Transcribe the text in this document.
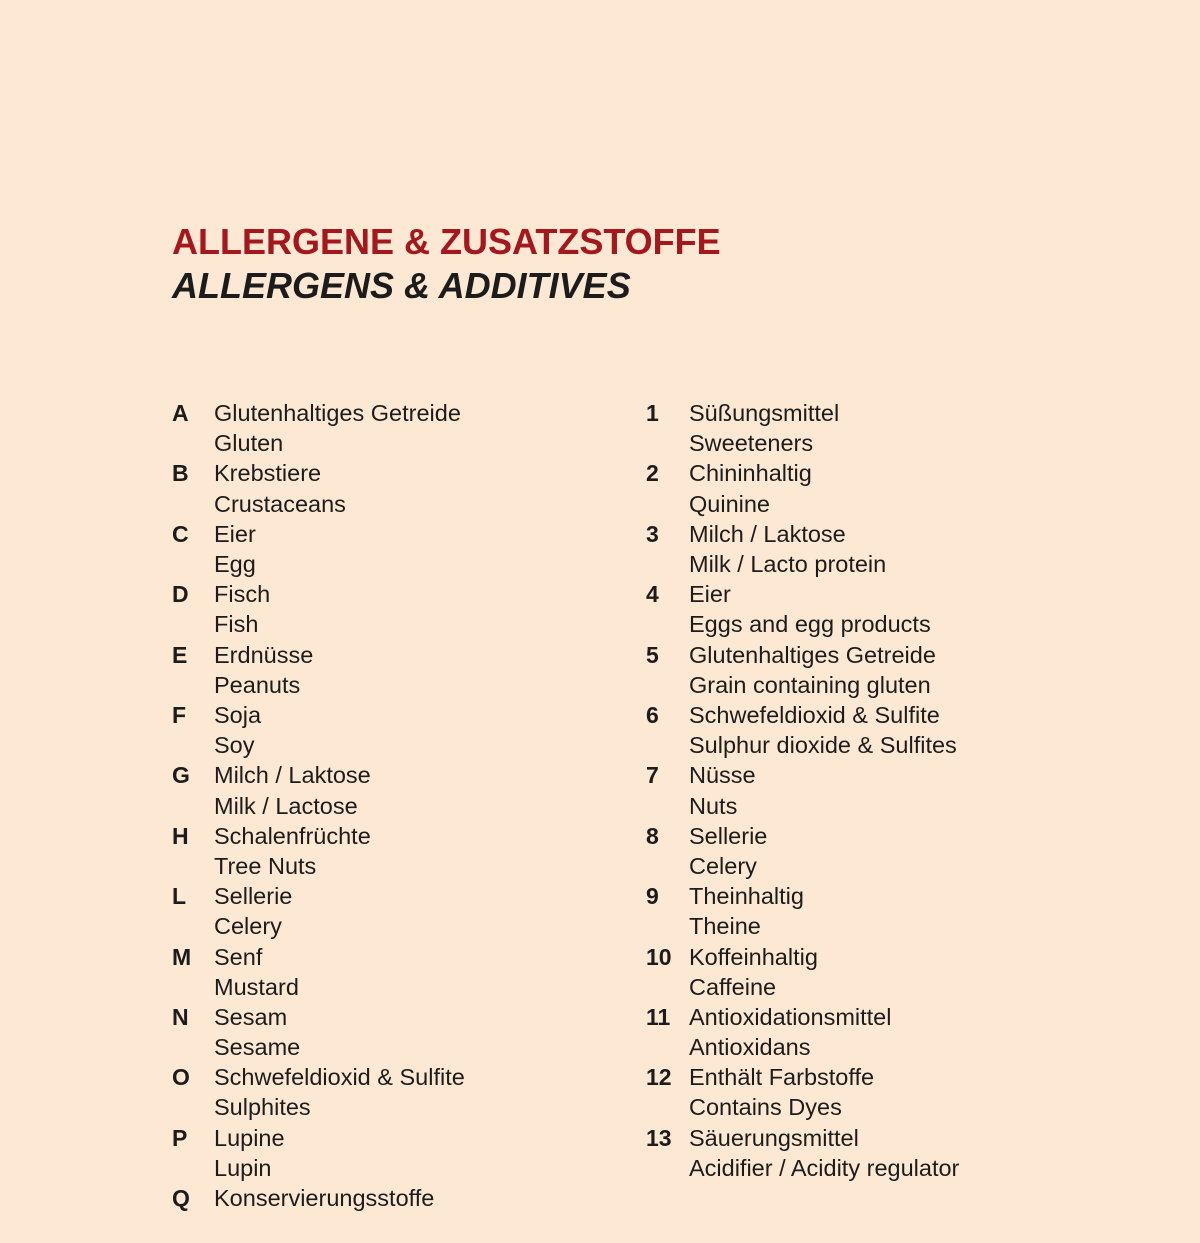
ALLERGENE & ZUSATZSTOFFE
ALLERGENS & ADDITIVES
A Glutenhaltiges Getreide
Gluten
B Krebstiere
Crustaceans
C Eier
Egg
D Fisch
Fish
E Erdnüsse
Peanuts
F Soja
Soy
G Milch / Laktose
Milk / Lactose
H Schalenfrüchte
Tree Nuts
L Sellerie
Celery
M Senf
Mustard
N Sesam
Sesame
O Schwefeldioxid & Sulfite
Sulphites
P Lupine
Lupin
Q Konservierungsstoffe
1 Süßungsmittel
Sweeteners
2 Chininhaltig
Quinine
3 Milch / Laktose
Milk / Lacto protein
4 Eier
Eggs and egg products
5 Glutenhaltiges Getreide
Grain containing gluten
6 Schwefeldioxid & Sulfite
Sulphur dioxide & Sulfites
7 Nüsse
Nuts
8 Sellerie
Celery
9 Theinhaltig
Theine
10 Koffeinhaltig
Caffeine
11 Antioxidationsmittel
Antioxidans
12 Enthält Farbstoffe
Contains Dyes
13 Säuerungsmittel
Acidifier / Acidity regulator
